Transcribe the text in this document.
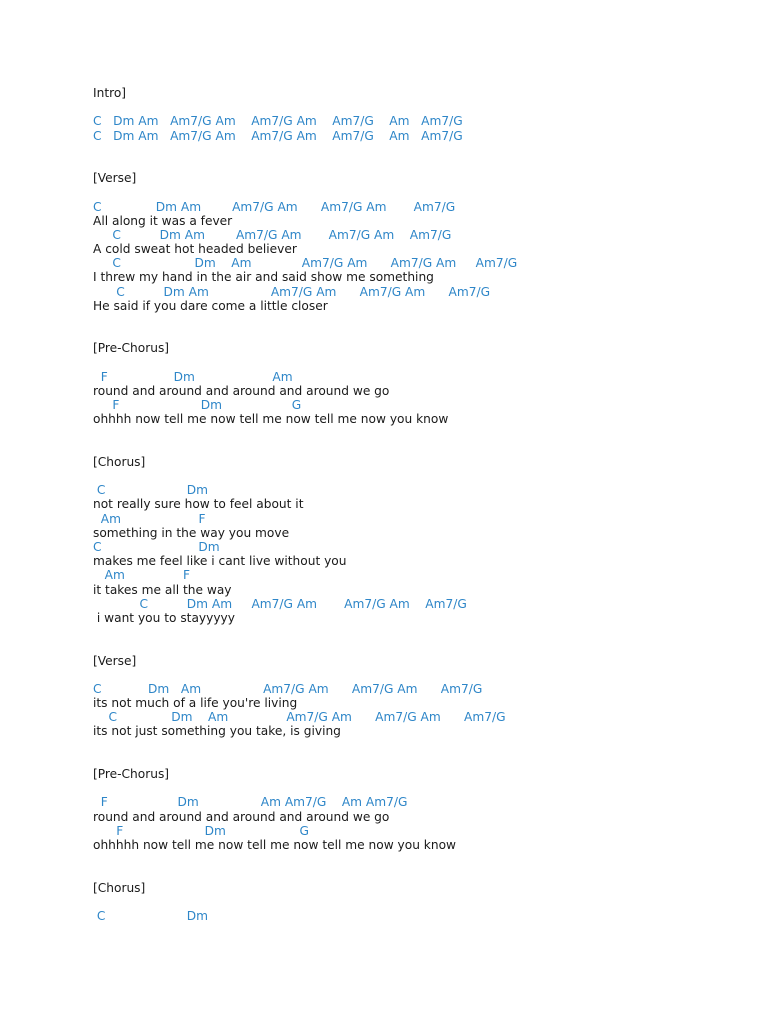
Intro]
C   Dm Am   Am7/G Am    Am7/G Am    Am7/G    Am   Am7/G
C   Dm Am   Am7/G Am    Am7/G Am    Am7/G    Am   Am7/G
[Verse]
C              Dm Am        Am7/G Am      Am7/G Am       Am7/G
All along it was a fever
C          Dm Am        Am7/G Am       Am7/G Am    Am7/G
A cold sweat hot headed believer
C                   Dm    Am             Am7/G Am      Am7/G Am     Am7/G
I threw my hand in the air and said show me something
C          Dm Am                Am7/G Am      Am7/G Am      Am7/G
He said if you dare come a little closer
[Pre-Chorus]
F                 Dm                    Am
round and around and around and around we go
F                     Dm                  G
ohhhh now tell me now tell me now tell me now you know
[Chorus]
C                     Dm
not really sure how to feel about it
Am                    F
something in the way you move
C                         Dm
makes me feel like i cant live without you
Am               F
it takes me all the way
C          Dm Am     Am7/G Am       Am7/G Am    Am7/G
i want you to stayyyyy
[Verse]
C            Dm   Am                Am7/G Am      Am7/G Am      Am7/G
its not much of a life you're living
C              Dm    Am               Am7/G Am      Am7/G Am      Am7/G
its not just something you take, is giving
[Pre-Chorus]
F                  Dm                Am Am7/G    Am Am7/G
round and around and around and around we go
F                     Dm                   G
ohhhhh now tell me now tell me now tell me now you know
[Chorus]
C                     Dm
